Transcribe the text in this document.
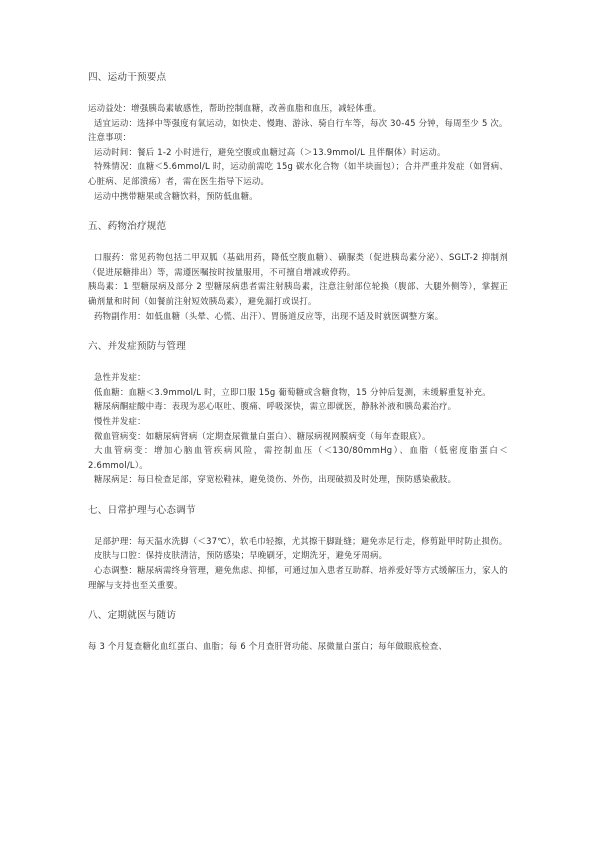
四、运动干预要点

运动益处：增强胰岛素敏感性，帮助控制血糖，改善血脂和血压，减轻体重。

适宜运动：选择中等强度有氧运动，如快走、慢跑、游泳、骑自行车等，每次 30-45 分钟，每周至少 5 次。

注意事项：

运动时间：餐后 1-2 小时进行，避免空腹或血糖过高（＞13.9mmol/L 且伴酮体）时运动。

特殊情况：血糖＜5.6mmol/L 时，运动前需吃 15g 碳水化合物（如半块面包）；合并严重并发症（如肾病、心脏病、足部溃疡）者，需在医生指导下运动。

运动中携带糖果或含糖饮料，预防低血糖。

五、药物治疗规范

口服药：常见药物包括二甲双胍（基础用药，降低空腹血糖）、磺脲类（促进胰岛素分泌）、SGLT-2 抑制剂（促进尿糖排出）等，需遵医嘱按时按量服用，不可擅自增减或停药。

胰岛素：1 型糖尿病及部分 2 型糖尿病患者需注射胰岛素，注意注射部位轮换（腹部、大腿外侧等），掌握正确剂量和时间（如餐前注射短效胰岛素），避免漏打或误打。

药物副作用：如低血糖（头晕、心慌、出汗）、胃肠道反应等，出现不适及时就医调整方案。

六、并发症预防与管理

急性并发症：

低血糖：血糖＜3.9mmol/L 时，立即口服 15g 葡萄糖或含糖食物，15 分钟后复测，未缓解重复补充。

糖尿病酮症酸中毒：表现为恶心呕吐、腹痛、呼吸深快，需立即就医，静脉补液和胰岛素治疗。

慢性并发症：

微血管病变：如糖尿病肾病（定期查尿微量白蛋白）、糖尿病视网膜病变（每年查眼底）。

大血管病变：增加心脑血管疾病风险，需控制血压（＜130/80mmHg）、血脂（低密度脂蛋白＜2.6mmol/L）。

糖尿病足：每日检查足部，穿宽松鞋袜，避免烫伤、外伤，出现破损及时处理，预防感染截肢。

七、日常护理与心态调节

足部护理：每天温水洗脚（＜37℃），软毛巾轻擦，尤其擦干脚趾缝；避免赤足行走，修剪趾甲时防止损伤。

皮肤与口腔：保持皮肤清洁，预防感染；早晚刷牙，定期洗牙，避免牙周病。

心态调整：糖尿病需终身管理，避免焦虑、抑郁，可通过加入患者互助群、培养爱好等方式缓解压力，家人的理解与支持也至关重要。

八、定期就医与随访

每 3 个月复查糖化血红蛋白、血脂；每 6 个月查肝肾功能、尿微量白蛋白；每年做眼底检查、
